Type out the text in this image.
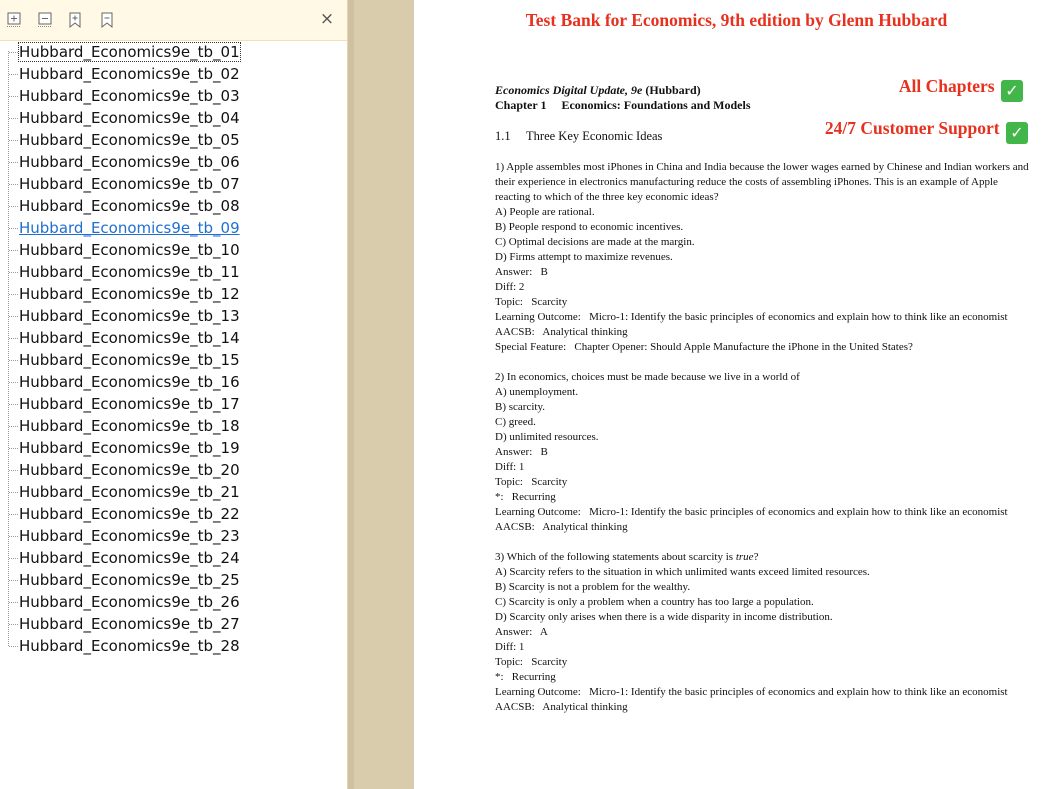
×
Hubbard_Economics9e_tb_01
Hubbard_Economics9e_tb_02
Hubbard_Economics9e_tb_03
Hubbard_Economics9e_tb_04
Hubbard_Economics9e_tb_05
Hubbard_Economics9e_tb_06
Hubbard_Economics9e_tb_07
Hubbard_Economics9e_tb_08
Hubbard_Economics9e_tb_09
Hubbard_Economics9e_tb_10
Hubbard_Economics9e_tb_11
Hubbard_Economics9e_tb_12
Hubbard_Economics9e_tb_13
Hubbard_Economics9e_tb_14
Hubbard_Economics9e_tb_15
Hubbard_Economics9e_tb_16
Hubbard_Economics9e_tb_17
Hubbard_Economics9e_tb_18
Hubbard_Economics9e_tb_19
Hubbard_Economics9e_tb_20
Hubbard_Economics9e_tb_21
Hubbard_Economics9e_tb_22
Hubbard_Economics9e_tb_23
Hubbard_Economics9e_tb_24
Hubbard_Economics9e_tb_25
Hubbard_Economics9e_tb_26
Hubbard_Economics9e_tb_27
Hubbard_Economics9e_tb_28
Test Bank for Economics, 9th edition by Glenn Hubbard
All Chapters ✓
24/7 Customer Support ✓
Economics Digital Update, 9e (Hubbard)
Chapter 1 Economics: Foundations and Models
1.1     Three Key Economic Ideas
1) Apple assembles most iPhones in China and India because the lower wages earned by Chinese and Indian workers and their experience in electronics manufacturing reduce the costs of assembling iPhones. This is an example of Apple reacting to which of the three key economic ideas?
A) People are rational.
B) People respond to economic incentives.
C) Optimal decisions are made at the margin.
D) Firms attempt to maximize revenues.
Answer:   B
Diff: 2
Topic:   Scarcity
Learning Outcome:   Micro-1: Identify the basic principles of economics and explain how to think like an economist
AACSB:   Analytical thinking
Special Feature:   Chapter Opener: Should Apple Manufacture the iPhone in the United States?
2) In economics, choices must be made because we live in a world of
A) unemployment.
B) scarcity.
C) greed.
D) unlimited resources.
Answer:   B
Diff: 1
Topic:   Scarcity
*:   Recurring
Learning Outcome:   Micro-1: Identify the basic principles of economics and explain how to think like an economist
AACSB:   Analytical thinking
3) Which of the following statements about scarcity is true?
A) Scarcity refers to the situation in which unlimited wants exceed limited resources.
B) Scarcity is not a problem for the wealthy.
C) Scarcity is only a problem when a country has too large a population.
D) Scarcity only arises when there is a wide disparity in income distribution.
Answer:   A
Diff: 1
Topic:   Scarcity
*:   Recurring
Learning Outcome:   Micro-1: Identify the basic principles of economics and explain how to think like an economist
AACSB:   Analytical thinking
